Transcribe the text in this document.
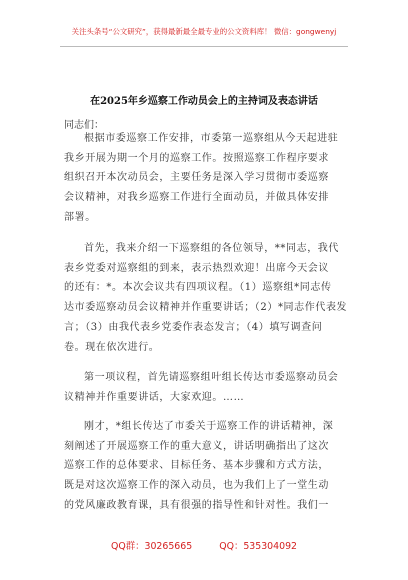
关注头条号“公文研究”，获得最新最全最专业的公文资料库！ 微信：gongwenyj
在2025年乡巡察工作动员会上的主持词及表态讲话
同志们：
根据市委巡察工作安排，市委第一巡察组从今天起进驻
我乡开展为期一个月的巡察工作。按照巡察工作程序要求
组织召开本次动员会，主要任务是深入学习贯彻市委巡察
会议精神，对我乡巡察工作进行全面动员，并做具体安排
部署。
首先，我来介绍一下巡察组的各位领导，**同志，我代
表乡党委对巡察组的到来，表示热烈欢迎！出席今天会议
的还有：*。本次会议共有四项议程。（1）巡察组*同志传
达市委巡察动员会议精神并作重要讲话；（2）*同志作代表发
言；（3）由我代表乡党委作表态发言；（4）填写调查问
卷。现在依次进行。
第一项议程，首先请巡察组叶组长传达市委巡察动员会
议精神并作重要讲话，大家欢迎。……
刚才，*组长传达了市委关于巡察工作的讲话精神，深
刻阐述了开展巡察工作的重大意义，讲话明确指出了这次
巡察工作的总体要求、目标任务、基本步骤和方式方法，
既是对这次巡察工作的深入动员，也为我们上了一堂生动
的党风廉政教育课，具有很强的指导性和针对性。我们一
QQ群：30265665	QQ：535304092
